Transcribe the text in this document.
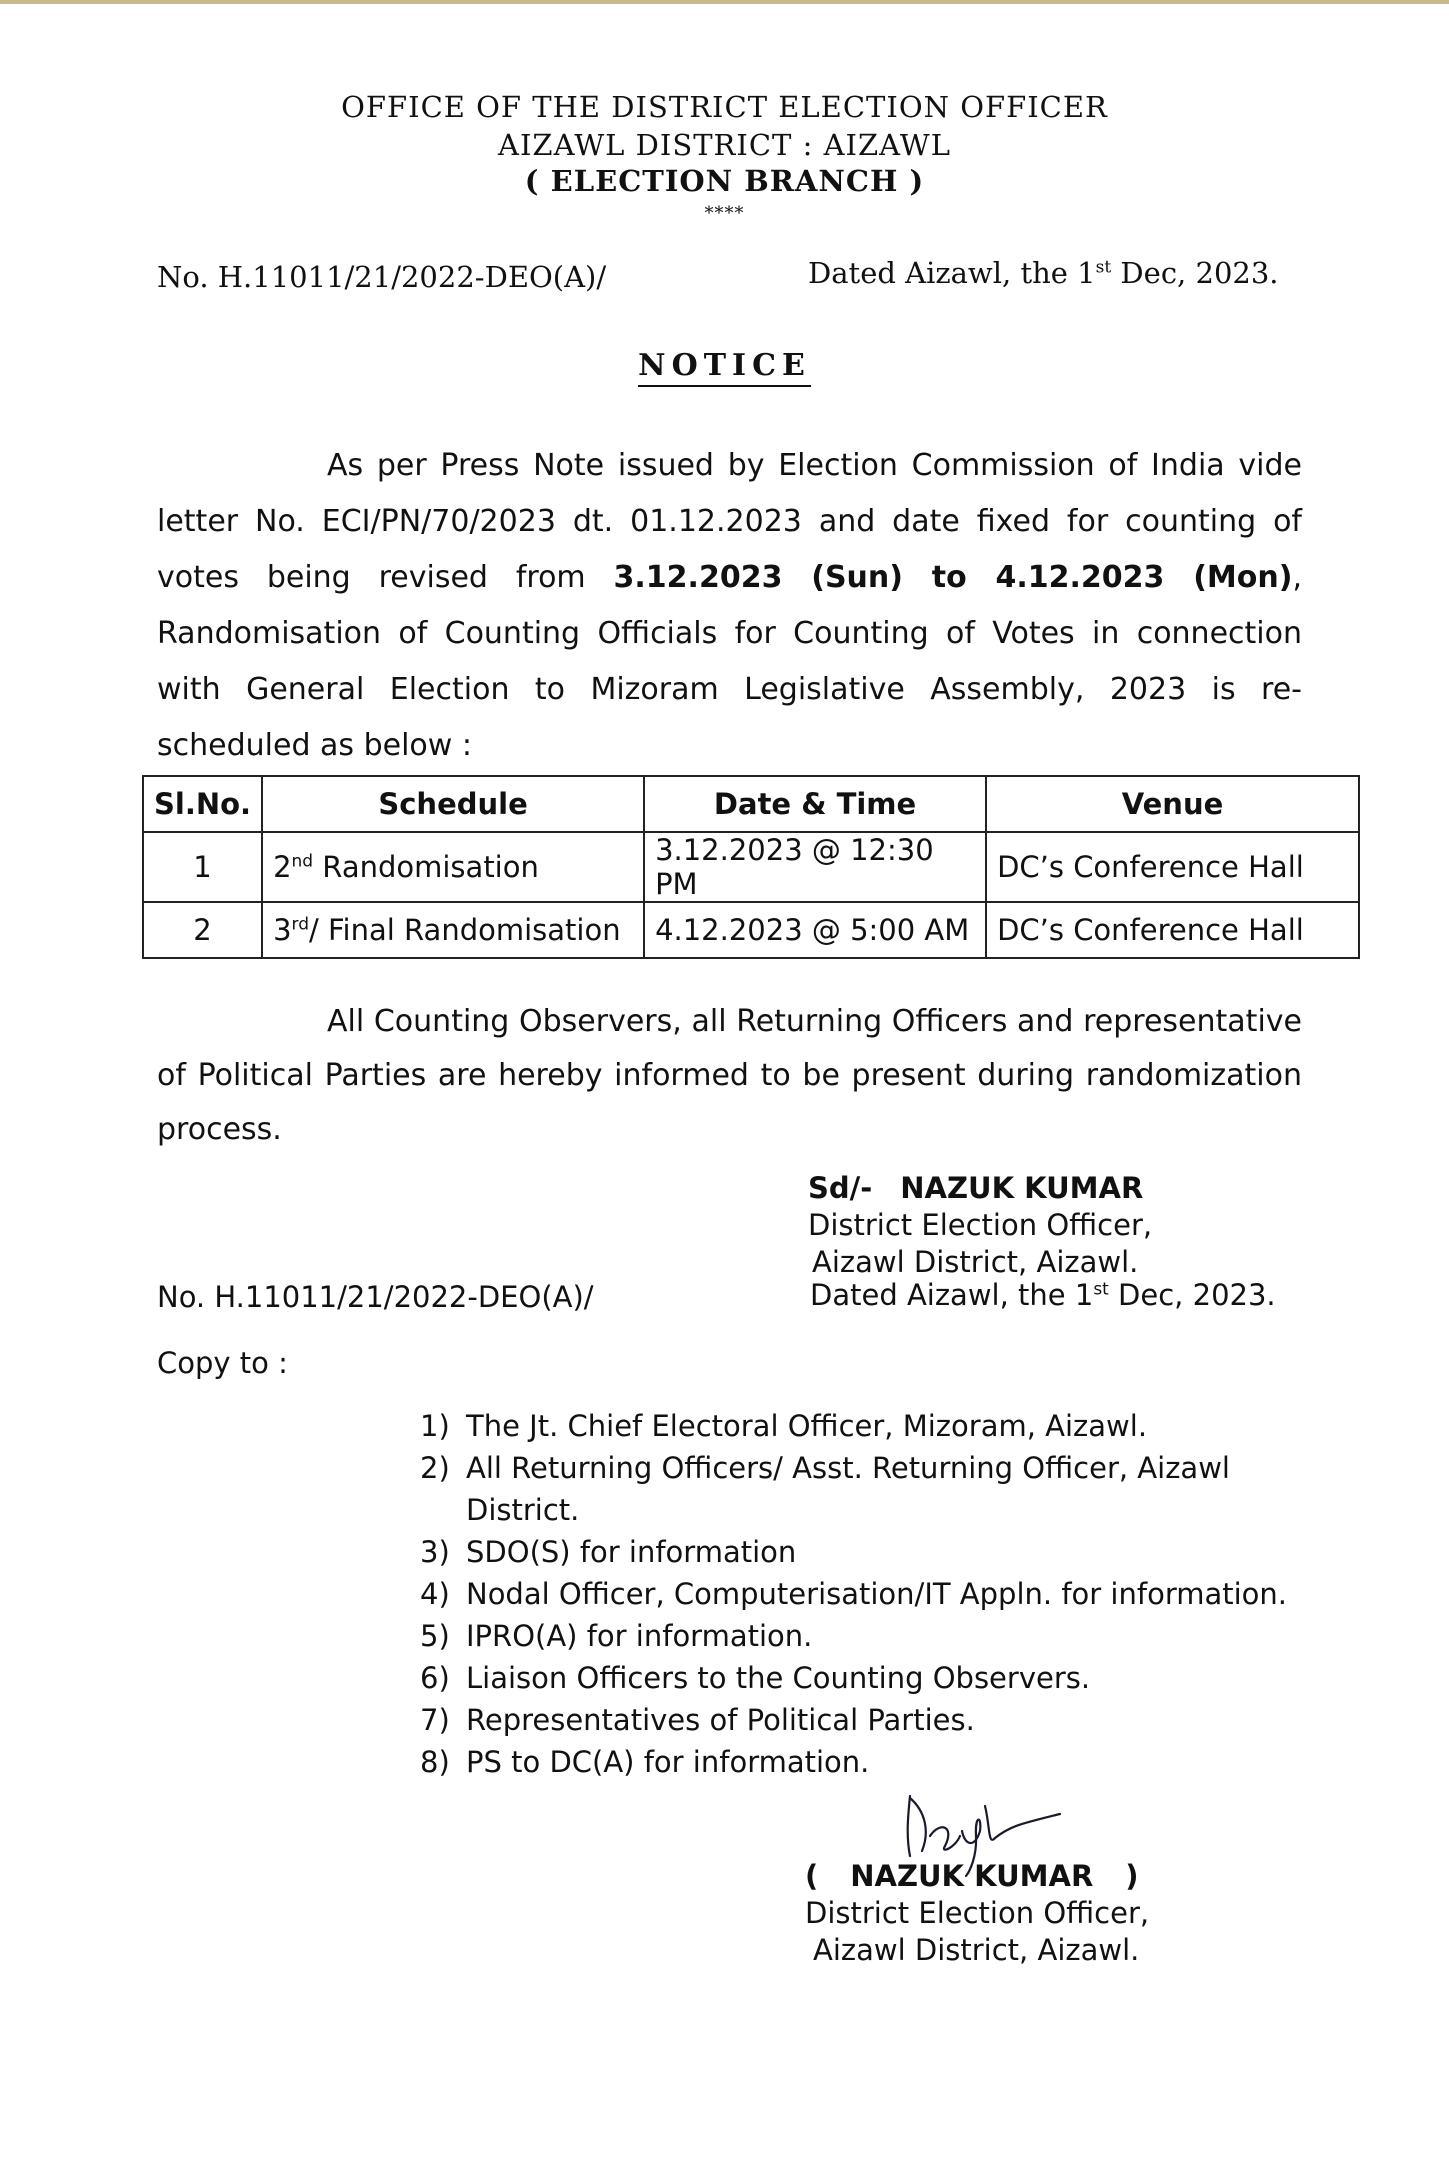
OFFICE OF THE DISTRICT ELECTION OFFICER
AIZAWL DISTRICT : AIZAWL
( ELECTION BRANCH )
****
No. H.11011/21/2022-DEO(A)/	Dated Aizawl, the 1st Dec, 2023.
NOTICE
As per Press Note issued by Election Commission of India vide letter No. ECI/PN/70/2023 dt. 01.12.2023 and date fixed for counting of votes being revised from 3.12.2023 (Sun) to 4.12.2023 (Mon), Randomisation of Counting Officials for Counting of Votes in connection with General Election to Mizoram Legislative Assembly, 2023 is re-scheduled as below :
Sl.No.	Schedule	Date & Time	Venue
1	2nd Randomisation	3.12.2023 @ 12:30 PM	DC’s Conference Hall
2	3rd/ Final Randomisation	4.12.2023 @ 5:00 AM	DC’s Conference Hall
All Counting Observers, all Returning Officers and representative of Political Parties are hereby informed to be present during randomization process.
Sd/- NAZUK KUMAR
District Election Officer,
Aizawl District, Aizawl.
No. H.11011/21/2022-DEO(A)/	Dated Aizawl, the 1st Dec, 2023.
Copy to :
1) The Jt. Chief Electoral Officer, Mizoram, Aizawl.
2) All Returning Officers/ Asst. Returning Officer, Aizawl District.
3) SDO(S) for information
4) Nodal Officer, Computerisation/IT Appln. for information.
5) IPRO(A) for information.
6) Liaison Officers to the Counting Observers.
7) Representatives of Political Parties.
8) PS to DC(A) for information.
( NAZUK KUMAR )
District Election Officer,
Aizawl District, Aizawl.
